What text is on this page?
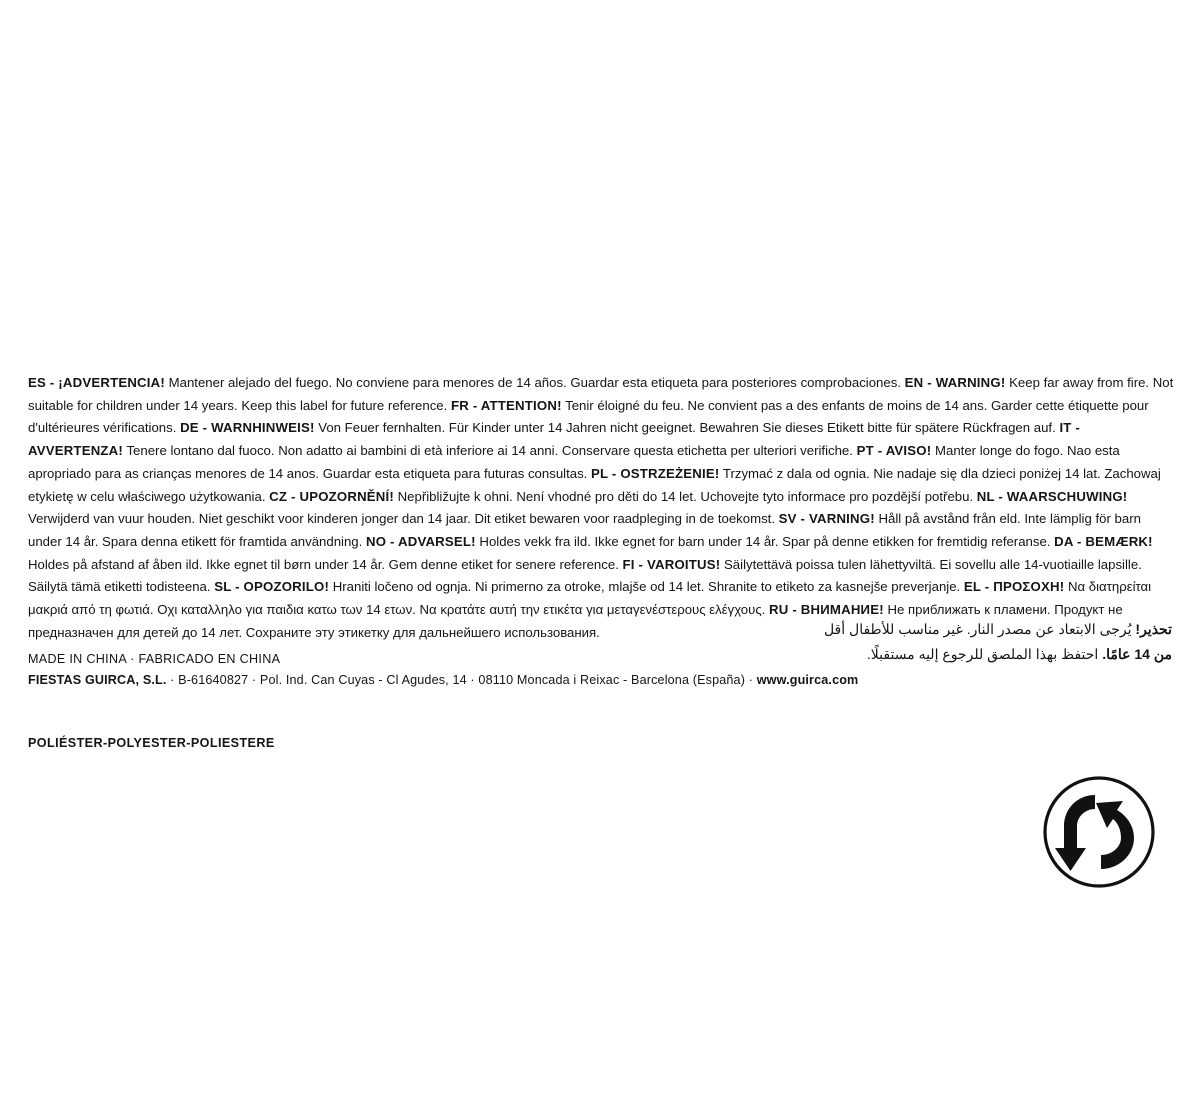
ES - ¡ADVERTENCIA! Mantener alejado del fuego. No conviene para menores de 14 años. Guardar esta etiqueta para posteriores comprobaciones. EN - WARNING! Keep far away from fire. Not suitable for children under 14 years. Keep this label for future reference. FR - ATTENTION! Tenir éloigné du feu. Ne convient pas a des enfants de moins de 14 ans. Garder cette étiquette pour d'ultérieures vérifications. DE - WARNHINWEIS! Von Feuer fernhalten. Für Kinder unter 14 Jahren nicht geeignet. Bewahren Sie dieses Etikett bitte für spätere Rückfragen auf. IT - AVVERTENZA! Tenere lontano dal fuoco. Non adatto ai bambini di età inferiore ai 14 anni. Conservare questa etichetta per ulteriori verifiche. PT - AVISO! Manter longe do fogo. Nao esta apropriado para as crianças menores de 14 anos. Guardar esta etiqueta para futuras consultas. PL - OSTRZEŻENIE! Trzymać z dala od ognia. Nie nadaje się dla dzieci poniżej 14 lat. Zachowaj etykietę w celu właściwego użytkowania. CZ - UPOZORNĚNÍ! Nepřibližujte k ohni. Není vhodné pro děti do 14 let. Uchovejte tyto informace pro pozdější potřebu. NL - WAARSCHUWING! Verwijderd van vuur houden. Niet geschikt voor kinderen jonger dan 14 jaar. Dit etiket bewaren voor raadpleging in de toekomst. SV - VARNING! Håll på avstånd från eld. Inte lämplig för barn under 14 år. Spara denna etikett för framtida användning. NO - ADVARSEL! Holdes vekk fra ild. Ikke egnet for barn under 14 år. Spar på denne etikken for fremtidig referanse. DA - BEMÆRK! Holdes på afstand af åben ild. Ikke egnet til børn under 14 år. Gem denne etiket for senere reference. FI - VAROITUS! Säilytettävä poissa tulen lähettyviltä. Ei sovellu alle 14-vuotiaille lapsille. Säilytä tämä etiketti todisteena. SL - OPOZORILO! Hraniti ločeno od ognja. Ni primerno za otroke, mlajše od 14 let. Shranite to etiketo za kasnejše preverjanje. EL - ΠΡΟΣΟΧΗ! Να διατηρείται μακριά από τη φωτιά. Οχι καταλληλο για παιδια κατω των 14 ετων. Να κρατάτε αυτή την ετικέτα για μεταγενέστερους ελέγχους. RU - ВНИМАНИЕ! Не приближать к пламени. Продукт не предназначен для детей до 14 лет. Сохраните эту этикетку для дальнейшего использования.	تحذير! يُرجى الابتعاد عن مصدر النار. غير مناسب للأطفال أقل
من 14 عامًا. احتفظ بهذا الملصق للرجوع إليه مستقبلًا.
MADE IN CHINA · FABRICADO EN CHINA
FIESTAS GUIRCA, S.L. · B-61640827 · Pol. Ind. Can Cuyas - Cl Agudes, 14 · 08110 Moncada i Reixac - Barcelona (España) · www.guirca.com
POLIÉSTER-POLYESTER-POLIESTERE
